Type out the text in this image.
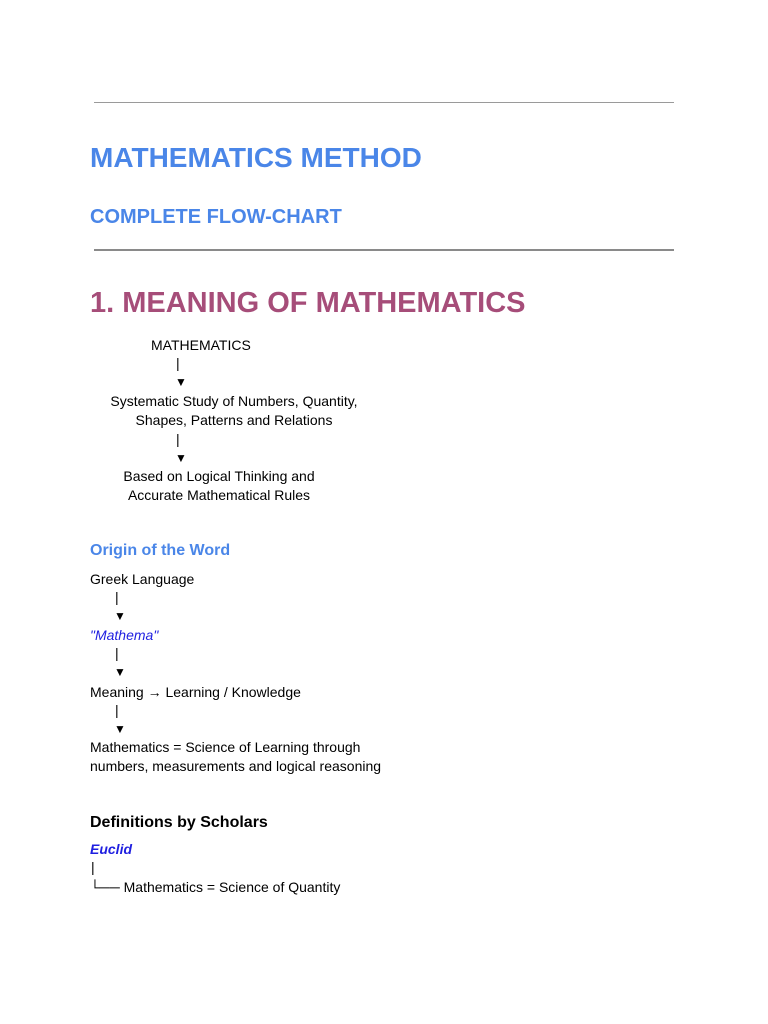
MATHEMATICS METHOD
COMPLETE FLOW-CHART
1. MEANING OF MATHEMATICS
MATHEMATICS
|
▼
Systematic Study of Numbers, Quantity,
Shapes, Patterns and Relations
|
▼
Based on Logical Thinking and
Accurate Mathematical Rules
Origin of the Word
Greek Language
|
▼
"Mathema"
|
▼
Meaning → Learning / Knowledge
|
▼
Mathematics = Science of Learning through
numbers, measurements and logical reasoning
Definitions by Scholars
Euclid
|
└── Mathematics = Science of Quantity
